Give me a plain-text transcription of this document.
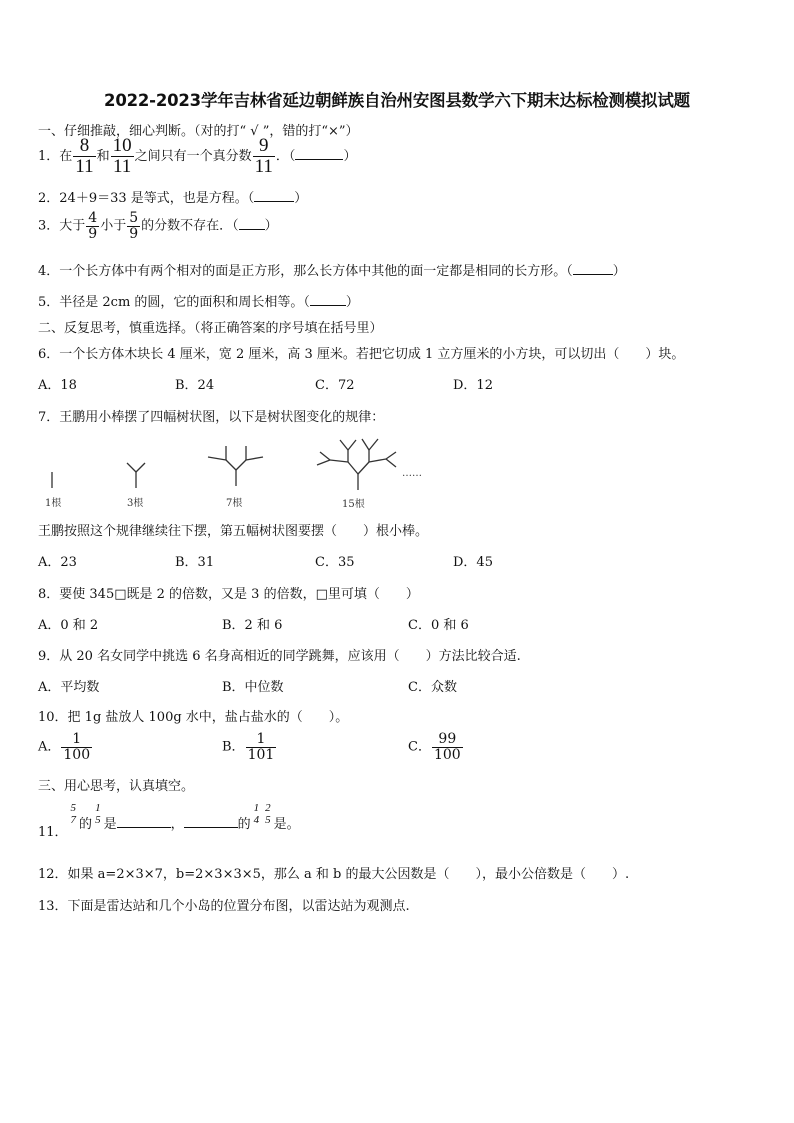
2022-2023学年吉林省延边朝鲜族自治州安图县数学六下期末达标检测模拟试题
一、仔细推敲，细心判断。（对的打“ √ ”，错的打“×”）
1．在 $\frac{8}{11}$ 和 $\frac{10}{11}$ 之间只有一个真分数 $\frac{9}{11}$ ．（	）
2．24＋9＝33 是等式，也是方程。（	）
3．大于 $\frac{4}{9}$ 小于 $\frac{5}{9}$ 的分数不存在．（ ）
4．一个长方体中有两个相对的面是正方形，那么长方体中其他的面一定都是相同的长方形。（	）
5．半径是 2cm 的圆，它的面积和周长相等。（	）
二、反复思考，慎重选择。（将正确答案的序号填在括号里）
6．一个长方体木块长 4 厘米，宽 2 厘米，高 3 厘米。若把它切成 1 立方厘米的小方块，可以切出（　　）块。
A．18	B．24	C．72	D．12
7．王鹏用小棒摆了四幅树状图，以下是树状图变化的规律：
1根	3根	7根	15根
……
王鹏按照这个规律继续往下摆，第五幅树状图要摆（　　）根小棒。
A．23	B．31	C．35	D．45
8．要使 345□既是 2 的倍数，又是 3 的倍数，□里可填（　　）
A．0 和 2	B．2 和 6	C．0 和 6
9．从 20 名女同学中挑选 6 名身高相近的同学跳舞，应该用（　　）方法比较合适.
A．平均数	B．中位数	C．众数
10．把 1g 盐放人 100g 水中，盐占盐水的（　　）。
A． $\frac{1}{100}$	B． $\frac{1}{101}$	C． $\frac{99}{100}$
三、用心思考，认真填空。
11．
5
7 的
1
5 是	，	的
1
4
2
5 是。
12．如果 a=2×3×7，b=2×3×3×5，那么 a 和 b 的最大公因数是（　　），最小公倍数是（　　）.
13．下面是雷达站和几个小岛的位置分布图，以雷达站为观测点.
